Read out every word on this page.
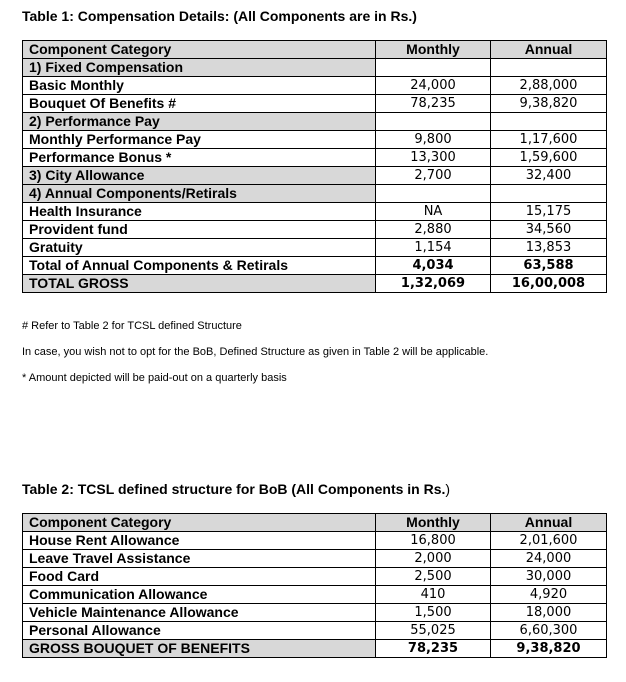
Table 1: Compensation Details: (All Components are in Rs.)
Component Category	Monthly	Annual
1) Fixed Compensation		
Basic Monthly	24,000	2,88,000
Bouquet Of Benefits #	78,235	9,38,820
2) Performance Pay		
Monthly Performance Pay	9,800	1,17,600
Performance Bonus *	13,300	1,59,600
3) City Allowance	2,700	32,400
4) Annual Components/Retirals		
Health Insurance	NA	15,175
Provident fund	2,880	34,560
Gratuity	1,154	13,853
Total of Annual Components & Retirals	4,034	63,588
TOTAL GROSS	1,32,069	16,00,008
# Refer to Table 2 for TCSL defined Structure
In case, you wish not to opt for the BoB, Defined Structure as given in Table 2 will be applicable.
* Amount depicted will be paid-out on a quarterly basis
Table 2: TCSL defined structure for BoB (All Components in Rs.)
Component Category	Monthly	Annual
House Rent Allowance	16,800	2,01,600
Leave Travel Assistance	2,000	24,000
Food Card	2,500	30,000
Communication Allowance	410	4,920
Vehicle Maintenance Allowance	1,500	18,000
Personal Allowance	55,025	6,60,300
GROSS BOUQUET OF BENEFITS	78,235	9,38,820
